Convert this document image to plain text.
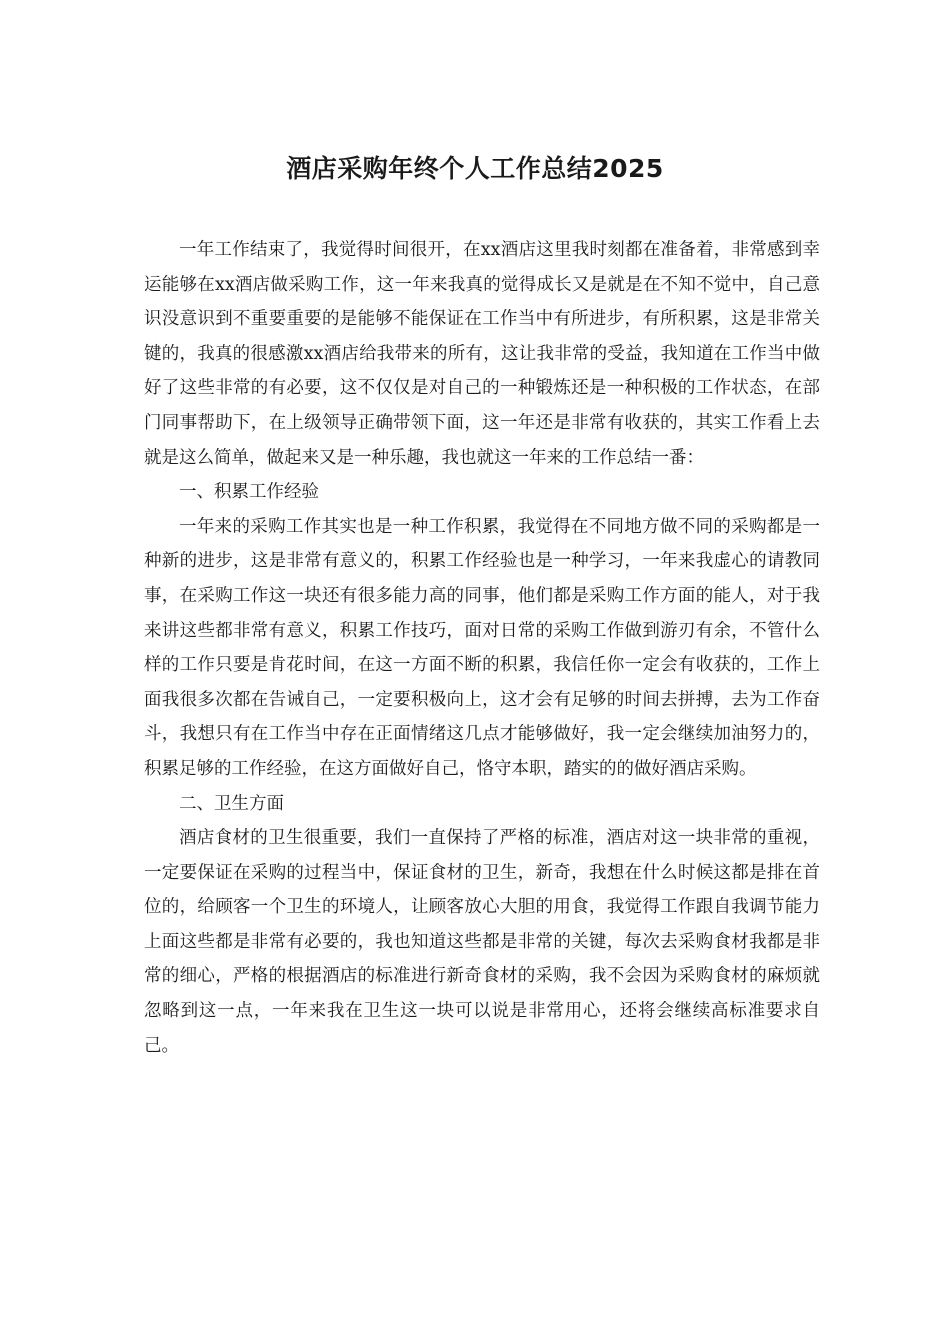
酒店采购年终个人工作总结2025

一年工作结束了，我觉得时间很开，在xx酒店这里我时刻都在准备着，非常感到幸运能够在xx酒店做采购工作，这一年来我真的觉得成长又是就是在不知不觉中，自己意识没意识到不重要重要的是能够不能保证在工作当中有所进步，有所积累，这是非常关键的，我真的很感激xx酒店给我带来的所有，这让我非常的受益，我知道在工作当中做好了这些非常的有必要，这不仅仅是对自己的一种锻炼还是一种积极的工作状态，在部门同事帮助下，在上级领导正确带领下面，这一年还是非常有收获的，其实工作看上去就是这么简单，做起来又是一种乐趣，我也就这一年来的工作总结一番：

一、积累工作经验

一年来的采购工作其实也是一种工作积累，我觉得在不同地方做不同的采购都是一种新的进步，这是非常有意义的，积累工作经验也是一种学习，一年来我虚心的请教同事，在采购工作这一块还有很多能力高的同事，他们都是采购工作方面的能人，对于我来讲这些都非常有意义，积累工作技巧，面对日常的采购工作做到游刃有余，不管什么样的工作只要是肯花时间，在这一方面不断的积累，我信任你一定会有收获的，工作上面我很多次都在告诫自己，一定要积极向上，这才会有足够的时间去拼搏，去为工作奋斗，我想只有在工作当中存在正面情绪这几点才能够做好，我一定会继续加油努力的，积累足够的工作经验，在这方面做好自己，恪守本职，踏实的的做好酒店采购。

二、卫生方面

酒店食材的卫生很重要，我们一直保持了严格的标准，酒店对这一块非常的重视，一定要保证在采购的过程当中，保证食材的卫生，新奇，我想在什么时候这都是排在首位的，给顾客一个卫生的环境人，让顾客放心大胆的用食，我觉得工作跟自我调节能力上面这些都是非常有必要的，我也知道这些都是非常的关键，每次去采购食材我都是非常的细心，严格的根据酒店的标准进行新奇食材的采购，我不会因为采购食材的麻烦就忽略到这一点，一年来我在卫生这一块可以说是非常用心，还将会继续高标准要求自己。
